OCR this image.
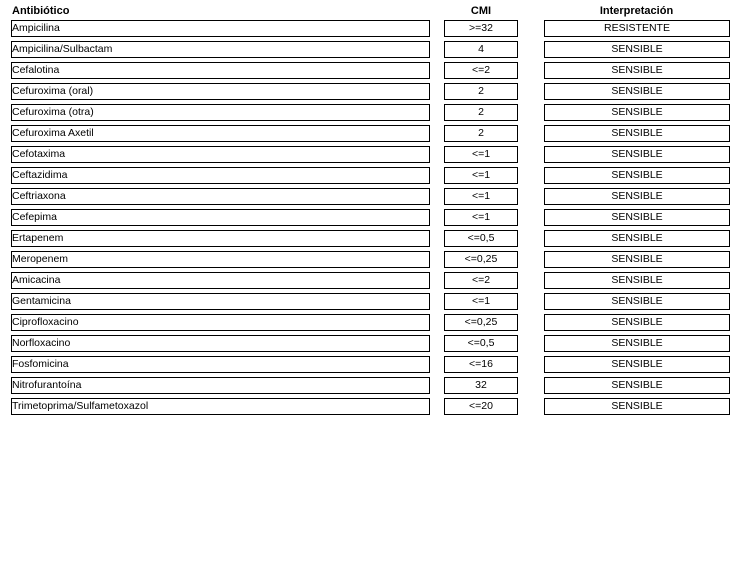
Antibiótico	CMI	Interpretación
Ampicilina	>=32	RESISTENTE
Ampicilina/Sulbactam	4	SENSIBLE
Cefalotina	<=2	SENSIBLE
Cefuroxima (oral)	2	SENSIBLE
Cefuroxima (otra)	2	SENSIBLE
Cefuroxima Axetil	2	SENSIBLE
Cefotaxima	<=1	SENSIBLE
Ceftazidima	<=1	SENSIBLE
Ceftriaxona	<=1	SENSIBLE
Cefepima	<=1	SENSIBLE
Ertapenem	<=0,5	SENSIBLE
Meropenem	<=0,25	SENSIBLE
Amicacina	<=2	SENSIBLE
Gentamicina	<=1	SENSIBLE
Ciprofloxacino	<=0,25	SENSIBLE
Norfloxacino	<=0,5	SENSIBLE
Fosfomicina	<=16	SENSIBLE
Nitrofurantoína	32	SENSIBLE
Trimetoprima/Sulfametoxazol	<=20	SENSIBLE
